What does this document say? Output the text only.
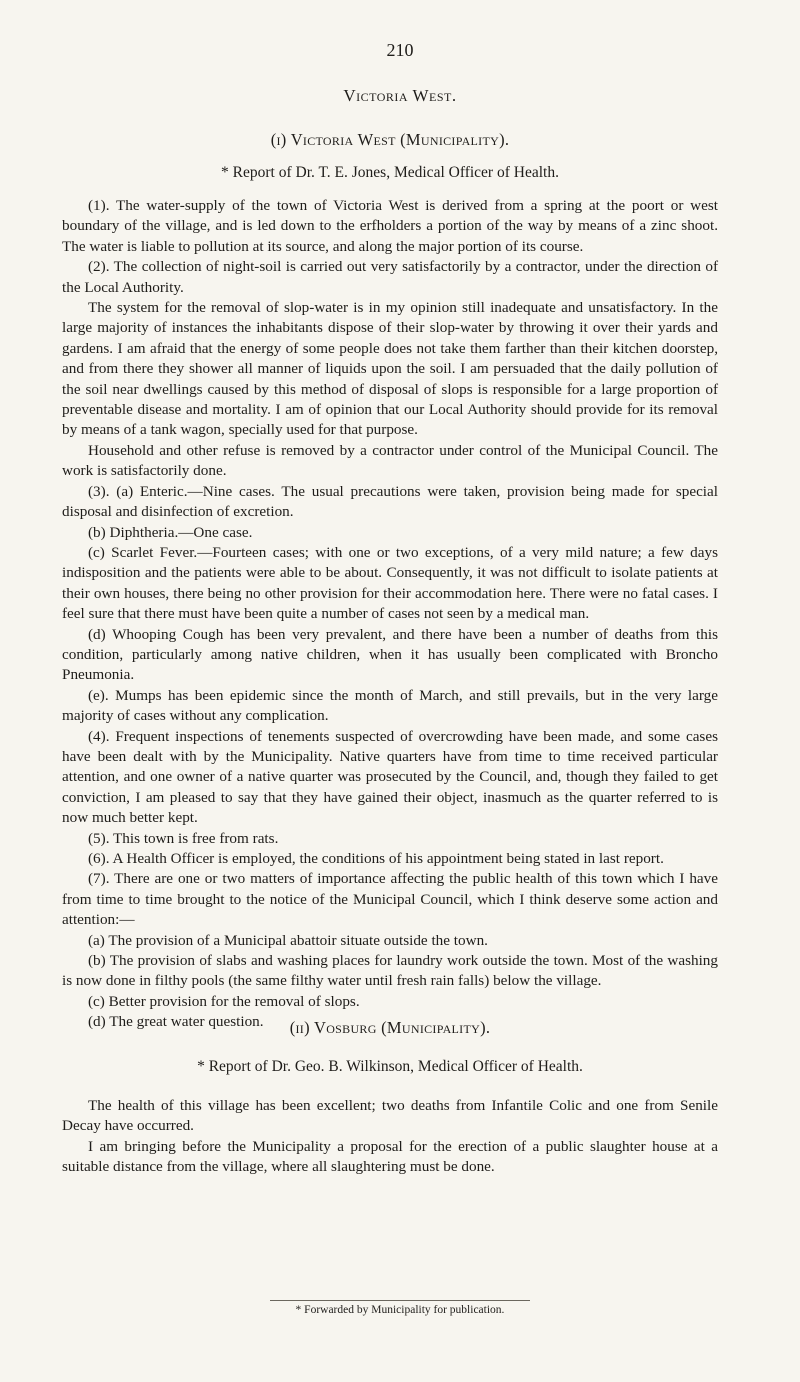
210
Victoria West.
(i) Victoria West (Municipality).
* Report of Dr. T. E. Jones, Medical Officer of Health.

(1). The water-supply of the town of Victoria West is derived from a spring at the poort or west boundary of the village, and is led down to the erfholders a portion of the way by means of a zinc shoot. The water is liable to pollution at its source, and along the major portion of its course.

(2). The collection of night-soil is carried out very satisfactorily by a contractor, under the direction of the Local Authority.

The system for the removal of slop-water is in my opinion still inadequate and unsatisfactory. In the large majority of instances the inhabitants dispose of their slop-water by throwing it over their yards and gardens. I am afraid that the energy of some people does not take them farther than their kitchen doorstep, and from there they shower all manner of liquids upon the soil. I am persuaded that the daily pollution of the soil near dwellings caused by this method of disposal of slops is responsible for a large proportion of preventable disease and mortality. I am of opinion that our Local Authority should provide for its removal by means of a tank wagon, specially used for that purpose.

Household and other refuse is removed by a contractor under control of the Municipal Council. The work is satisfactorily done.

(3). (a) Enteric.—Nine cases. The usual precautions were taken, provision being made for special disposal and disinfection of excretion.

(b) Diphtheria.—One case.

(c) Scarlet Fever.—Fourteen cases; with one or two exceptions, of a very mild nature; a few days indisposition and the patients were able to be about. Consequently, it was not difficult to isolate patients at their own houses, there being no other provision for their accommodation here. There were no fatal cases. I feel sure that there must have been quite a number of cases not seen by a medical man.

(d) Whooping Cough has been very prevalent, and there have been a number of deaths from this condition, particularly among native children, when it has usually been complicated with Broncho Pneumonia.

(e). Mumps has been epidemic since the month of March, and still prevails, but in the very large majority of cases without any complication.

(4). Frequent inspections of tenements suspected of overcrowding have been made, and some cases have been dealt with by the Municipality. Native quarters have from time to time received particular attention, and one owner of a native quarter was prosecuted by the Council, and, though they failed to get conviction, I am pleased to say that they have gained their object, inasmuch as the quarter referred to is now much better kept.

(5). This town is free from rats.

(6). A Health Officer is employed, the conditions of his appointment being stated in last report.

(7). There are one or two matters of importance affecting the public health of this town which I have from time to time brought to the notice of the Municipal Council, which I think deserve some action and attention:—

(a) The provision of a Municipal abattoir situate outside the town.

(b) The provision of slabs and washing places for laundry work outside the town. Most of the washing is now done in filthy pools (the same filthy water until fresh rain falls) below the village.

(c) Better provision for the removal of slops.

(d) The great water question.	(ii) Vosburg (Municipality).
* Report of Dr. Geo. B. Wilkinson, Medical Officer of Health.

The health of this village has been excellent; two deaths from Infantile Colic and one from Senile Decay have occurred.

I am bringing before the Municipality a proposal for the erection of a public slaughter house at a suitable distance from the village, where all slaughtering must be done.

* Forwarded by Municipality for publication.
